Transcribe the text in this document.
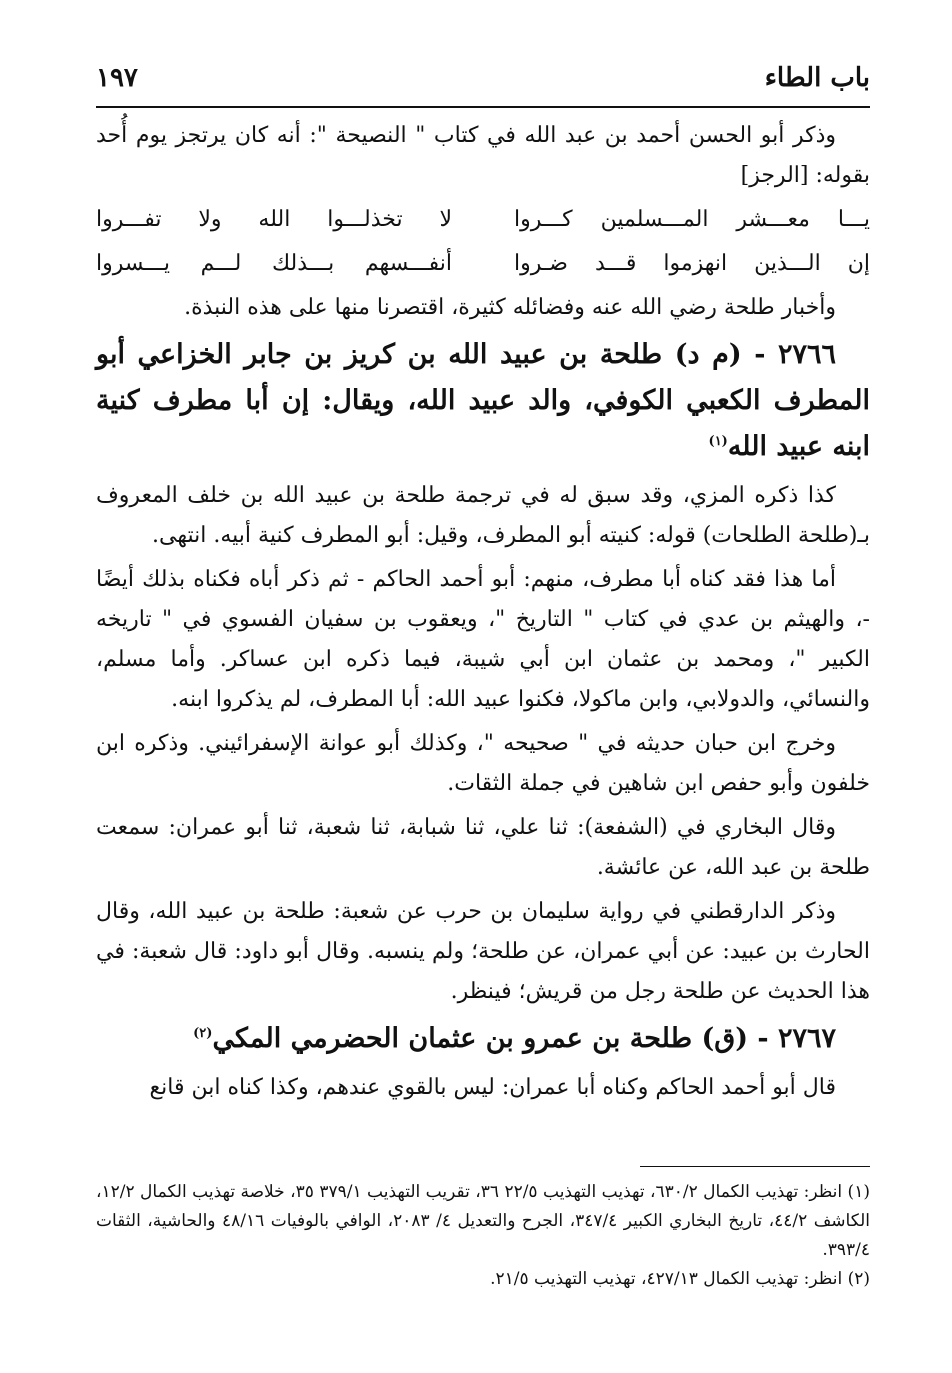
باب الطاء
١٩٧

وذكر أبو الحسن أحمد بن عبد الله في كتاب " النصيحة ": أنه كان يرتجز يوم أُحد بقوله: [الرجز]

يـــا معـــشر المـــسلمين كـــروا
لا تخذلـــوا الله ولا تفـــروا
إن الـــذين انهزموا قـــد ضـروا
أنفـــسهم بـــذلك لـــم يـــسروا

وأخبار طلحة رضي الله عنه وفضائله كثيرة، اقتصرنا منها على هذه النبذة.

٢٧٦٦ - (م د) طلحة بن عبيد الله بن كريز بن جابر الخزاعي أبو المطرف الكعبي الكوفي، والد عبيد الله، ويقال: إن أبا مطرف كنية ابنه عبيد الله$^{(١)}$

كذا ذكره المزي، وقد سبق له في ترجمة طلحة بن عبيد الله بن خلف المعروف بـ(طلحة الطلحات) قوله: كنيته أبو المطرف، وقيل: أبو المطرف كنية أبيه. انتهى.

أما هذا فقد كناه أبا مطرف، منهم: أبو أحمد الحاكم - ثم ذكر أباه فكناه بذلك أيضًا -، والهيثم بن عدي في كتاب " التاريخ "، ويعقوب بن سفيان الفسوي في " تاريخه الكبير "، ومحمد بن عثمان ابن أبي شيبة، فيما ذكره ابن عساكر. وأما مسلم، والنسائي، والدولابي، وابن ماكولا، فكنوا عبيد الله: أبا المطرف، لم يذكروا ابنه.

وخرج ابن حبان حديثه في " صحيحه "، وكذلك أبو عوانة الإسفرائيني. وذكره ابن خلفون وأبو حفص ابن شاهين في جملة الثقات.

وقال البخاري في (الشفعة): ثنا علي، ثنا شبابة، ثنا شعبة، ثنا أبو عمران: سمعت طلحة بن عبد الله، عن عائشة.

وذكر الدارقطني في رواية سليمان بن حرب عن شعبة: طلحة بن عبيد الله، وقال الحارث بن عبيد: عن أبي عمران، عن طلحة؛ ولم ينسبه. وقال أبو داود: قال شعبة: في هذا الحديث عن طلحة رجل من قريش؛ فينظر.

٢٧٦٧ - (ق) طلحة بن عمرو بن عثمان الحضرمي المكي$^{(٢)}$

قال أبو أحمد الحاكم وكناه أبا عمران: ليس بالقوي عندهم، وكذا كناه ابن قانع

(١) انظر: تهذيب الكمال ٦٣٠/٢، تهذيب التهذيب ٢٢/٥ ٣٦، تقريب التهذيب ٣٧٩/١ ٣٥، خلاصة تهذيب الكمال ١٢/٢، الكاشف ٤٤/٢، تاريخ البخاري الكبير ٣٤٧/٤، الجرح والتعديل ٤/ ٢٠٨٣، الوافي بالوفيات ٤٨/١٦ والحاشية، الثقات ٣٩٣/٤.

(٢) انظر: تهذيب الكمال ٤٢٧/١٣، تهذيب التهذيب ٢١/٥.
